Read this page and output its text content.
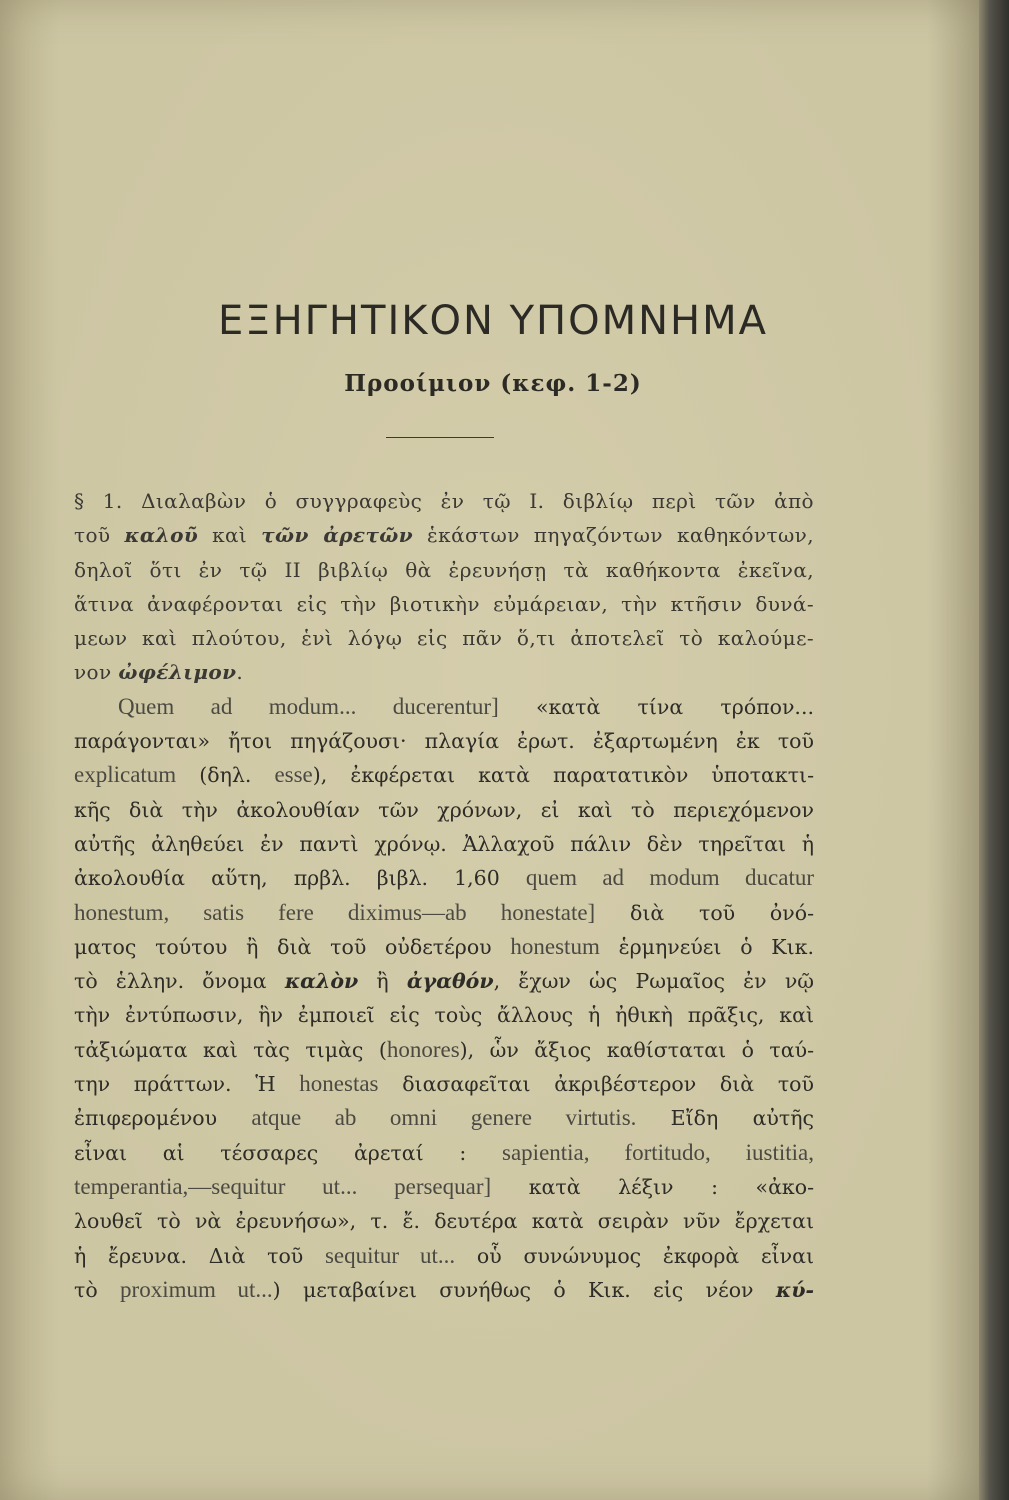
ΕΞΗΓΗΤΙΚΟΝ ΥΠΟΜΝΗΜΑ
Προοίμιον (κεφ. 1-2)
§ 1. Διαλαβὼν ὁ συγγραφεὺς ἐν τῷ Ι. διβλίῳ περὶ τῶν ἀπὸ
τοῦ καλοῦ καὶ τῶν ἀρετῶν ἑκάστων πηγαζόντων καθηκόντων,
δηλοῖ ὅτι ἐν τῷ ΙΙ βιβλίῳ θὰ ἐρευνήσῃ τὰ καθήκοντα ἐκεῖνα,
ἅτινα ἀναφέρονται εἰς τὴν βιοτικὴν εὐμάρειαν, τὴν κτῆσιν δυνά-
μεων καὶ πλούτου, ἑνὶ λόγῳ εἰς πᾶν ὅ,τι ἀποτελεῖ τὸ καλούμε-
νον ὠφέλιμον.
Quem ad modum... ducerentur] «κατὰ τίνα τρόπον...
παράγονται» ἤτοι πηγάζουσι· πλαγία ἐρωτ. ἐξαρτωμένη ἐκ τοῦ
explicatum (δηλ. esse), ἐκφέρεται κατὰ παρατατικὸν ὑποτακτι-
κῆς διὰ τὴν ἀκολουθίαν τῶν χρόνων, εἰ καὶ τὸ περιεχόμενον
αὐτῆς ἀληθεύει ἐν παντὶ χρόνῳ. Ἀλλαχοῦ πάλιν δὲν τηρεῖται ἡ
ἀκολουθία αὕτη, πρβλ. βιβλ. 1,60 quem ad modum ducatur
honestum, satis fere diximus—ab honestate] διὰ τοῦ ὀνό-
ματος τούτου ἢ διὰ τοῦ οὐδετέρου honestum ἑρμηνεύει ὁ Κικ.
τὸ ἑλλην. ὄνομα καλὸν ἢ ἀγαθόν, ἔχων ὡς Ρωμαῖος ἐν νῷ
τὴν ἐντύπωσιν, ἣν ἐμποιεῖ εἰς τοὺς ἄλλους ἡ ἠθικὴ πρᾶξις, καὶ
τἀξιώματα καὶ τὰς τιμὰς (honores), ὧν ἄξιος καθίσταται ὁ ταύ-
την πράττων. Ἡ honestas διασαφεῖται ἀκριβέστερον διὰ τοῦ
ἐπιφερομένου atque ab omni genere virtutis. Εἴδη αὐτῆς
εἶναι αἱ τέσσαρες ἀρεταί : sapientia, fortitudo, iustitia,
temperantia,—sequitur ut... persequar] κατὰ λέξιν : «ἀκο-
λουθεῖ τὸ νὰ ἐρευνήσω», τ. ἔ. δευτέρα κατὰ σειρὰν νῦν ἔρχεται
ἡ ἔρευνα. Διὰ τοῦ sequitur ut... οὗ συνώνυμος ἐκφορὰ εἶναι
τὸ proximum ut...) μεταβαίνει συνήθως ὁ Κικ. εἰς νέον κύ-
